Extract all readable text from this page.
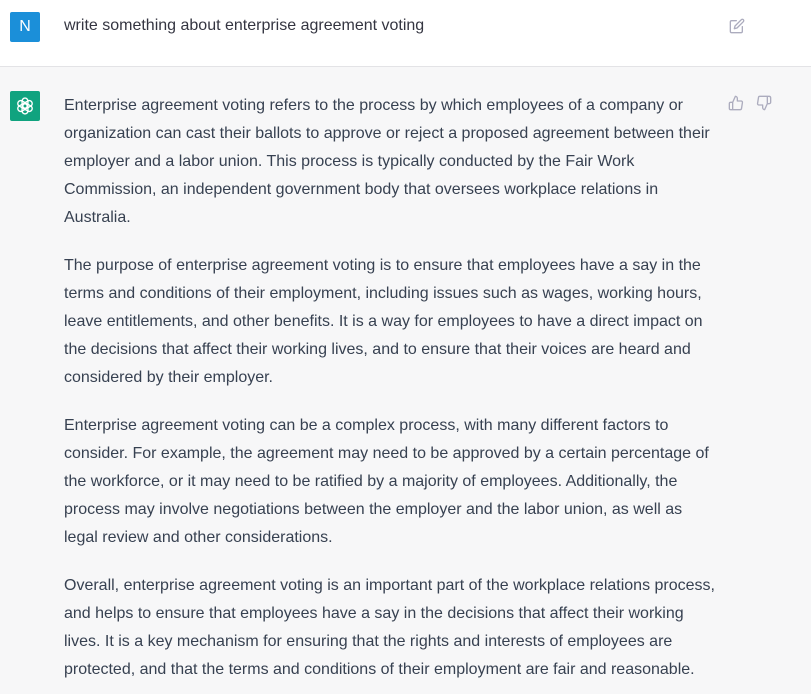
N	write something about enterprise agreement voting

Enterprise agreement voting refers to the process by which employees of a company or organization can cast their ballots to approve or reject a proposed agreement between their employer and a labor union. This process is typically conducted by the Fair Work Commission, an independent government body that oversees workplace relations in Australia.

The purpose of enterprise agreement voting is to ensure that employees have a say in the terms and conditions of their employment, including issues such as wages, working hours, leave entitlements, and other benefits. It is a way for employees to have a direct impact on the decisions that affect their working lives, and to ensure that their voices are heard and considered by their employer.

Enterprise agreement voting can be a complex process, with many different factors to consider. For example, the agreement may need to be approved by a certain percentage of the workforce, or it may need to be ratified by a majority of employees. Additionally, the process may involve negotiations between the employer and the labor union, as well as legal review and other considerations.

Overall, enterprise agreement voting is an important part of the workplace relations process, and helps to ensure that employees have a say in the decisions that affect their working lives. It is a key mechanism for ensuring that the rights and interests of employees are protected, and that the terms and conditions of their employment are fair and reasonable.
